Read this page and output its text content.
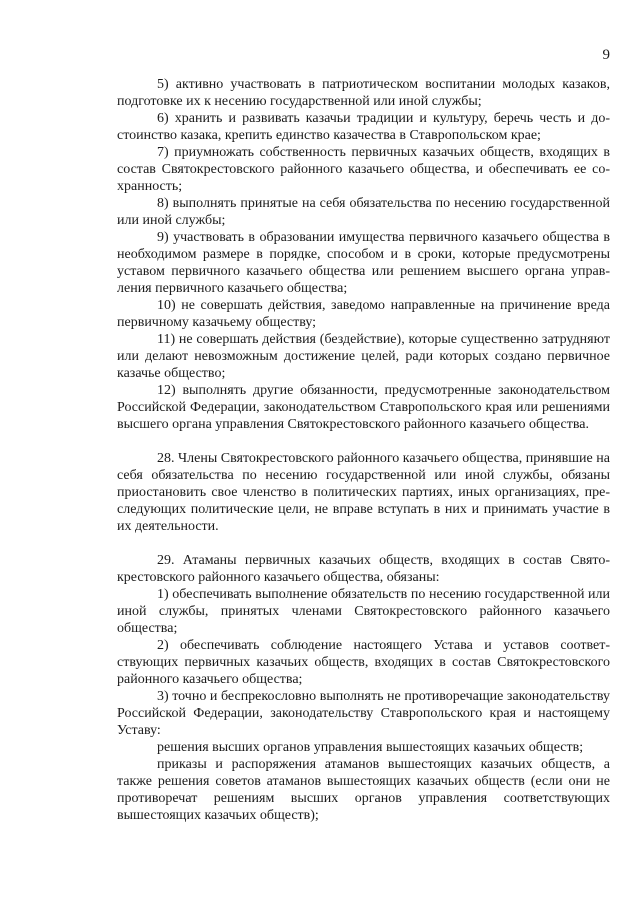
9

5) активно участвовать в патриотическом воспитании молодых казаков, подготовке их к несению государственной или иной службы;

6) хранить и развивать казачьи традиции и культуру, беречь честь и достоинство казака, крепить единство казачества в Ставропольском крае;

7) приумножать собственность первичных казачьих обществ, входящих в состав Святокрестовского районного казачьего общества, и обеспечивать ее сохранность;

8) выполнять принятые на себя обязательства по несению государственной или иной службы;

9) участвовать в образовании имущества первичного казачьего общества в необходимом размере в порядке, способом и в сроки, которые предусмотрены уставом первичного казачьего общества или решением высшего органа управления первичного казачьего общества;

10) не совершать действия, заведомо направленные на причинение вреда первичному казачьему обществу;

11) не совершать действия (бездействие), которые существенно затрудняют или делают невозможным достижение целей, ради которых создано первичное казачье общество;

12) выполнять другие обязанности, предусмотренные законодательством Российской Федерации, законодательством Ставропольского края или решениями высшего органа управления Святокрестовского районного казачьего общества.

28. Члены Святокрестовского районного казачьего общества, принявшие на себя обязательства по несению государственной или иной службы, обязаны приостановить свое членство в политических партиях, иных организациях, преследующих политические цели, не вправе вступать в них и принимать участие в их деятельности.

29. Атаманы первичных казачьих обществ, входящих в состав Святокрестовского районного казачьего общества, обязаны:

1) обеспечивать выполнение обязательств по несению государственной или иной службы, принятых членами Святокрестовского районного казачьего общества;

2) обеспечивать соблюдение настоящего Устава и уставов соответствующих первичных казачьих обществ, входящих в состав Святокрестовского районного казачьего общества;

3) точно и беспрекословно выполнять не противоречащие законодательству Российской Федерации, законодательству Ставропольского края и настоящему Уставу:

решения высших органов управления вышестоящих казачьих обществ;

приказы и распоряжения атаманов вышестоящих казачьих обществ, а также решения советов атаманов вышестоящих казачьих обществ (если они не противоречат решениям высших органов управления соответствующих вышестоящих казачьих обществ);
